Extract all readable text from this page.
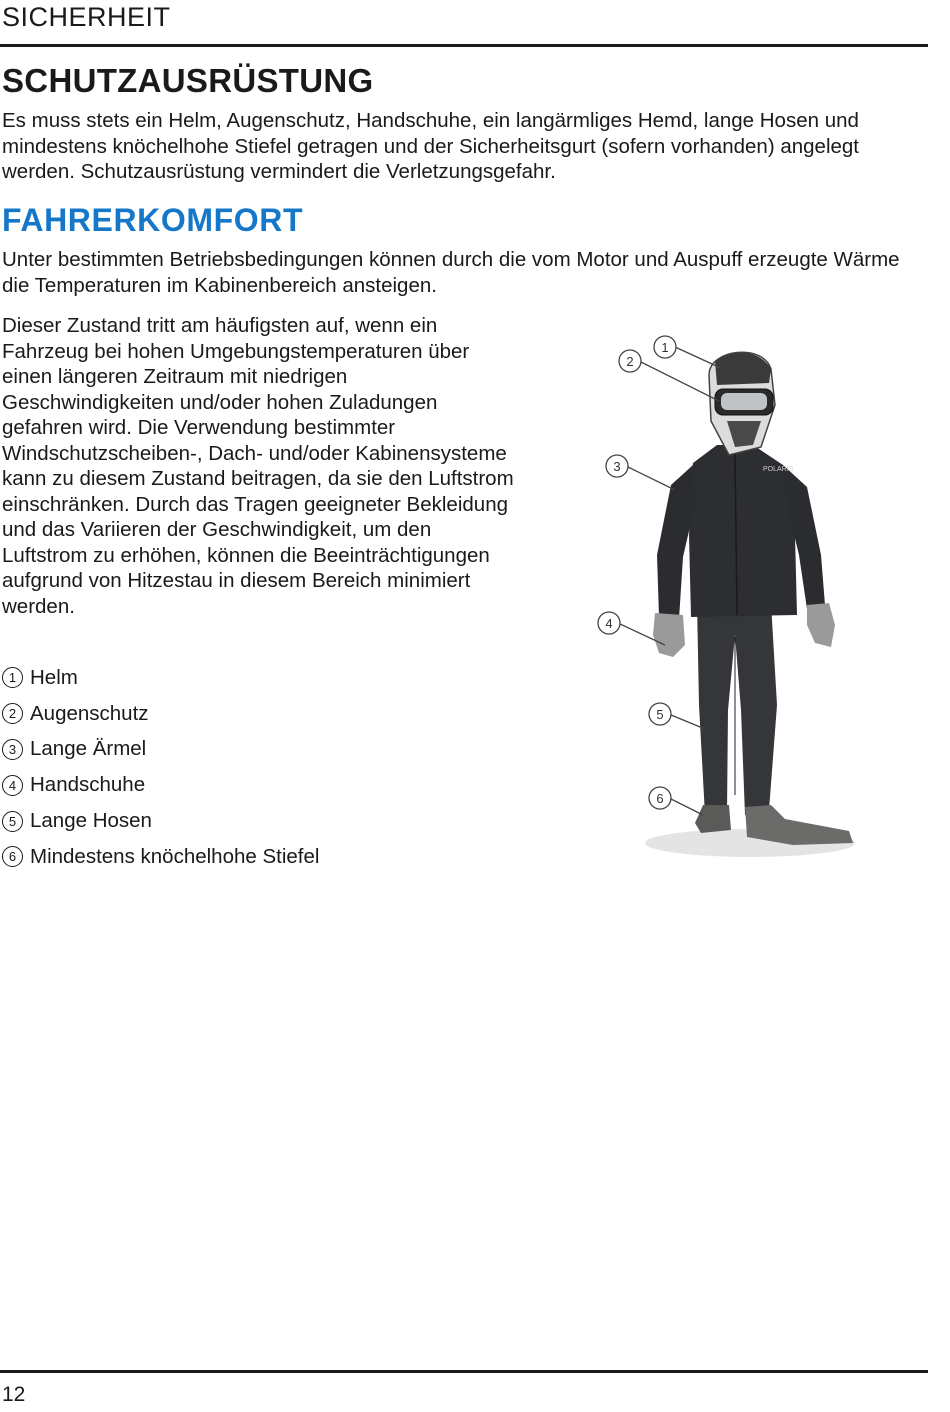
SICHERHEIT
SCHUTZAUSRÜSTUNG

Es muss stets ein Helm, Augenschutz, Handschuhe, ein langärmliges Hemd, lange Hosen und mindestens knöchelhohe Stiefel getragen und der Sicherheitsgurt (sofern vorhanden) angelegt werden. Schutzausrüstung vermindert die Verletzungsgefahr.

FAHRERKOMFORT

Unter bestimmten Betriebsbedingungen können durch die vom Motor und Auspuff erzeugte Wärme die Temperaturen im Kabinenbereich ansteigen.

Dieser Zustand tritt am häufigsten auf, wenn ein Fahrzeug bei hohen Umgebungstemperaturen über einen längeren Zeitraum mit niedrigen Geschwindigkeiten und/oder hohen Zuladungen gefahren wird. Die Verwendung bestimmter Windschutzscheiben-, Dach- und/oder Kabinensysteme kann zu diesem Zustand beitragen, da sie den Luftstrom einschränken. Durch das Tragen geeigneter Bekleidung und das Variieren der Geschwindigkeit, um den Luftstrom zu erhöhen, können die Beeinträchtigungen aufgrund von Hitzestau in diesem Bereich minimiert werden.

1 Helm
2 Augenschutz
3 Lange Ärmel
4 Handschuhe
5 Lange Hosen
6 Mindestens knöchelhohe Stiefel
POLARIS
1
2
3
4
5
6
12
